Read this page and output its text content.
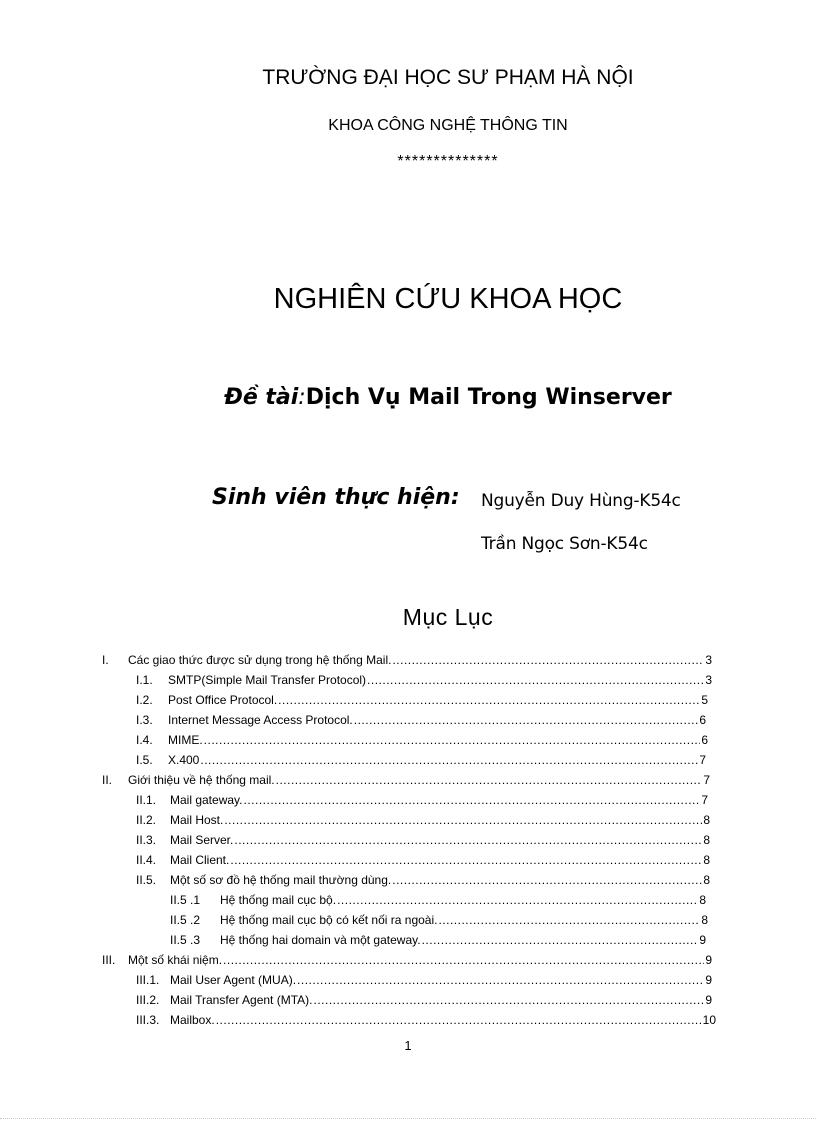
TRƯỜNG ĐẠI HỌC SƯ PHẠM HÀ NỘI
KHOA CÔNG NGHỆ THÔNG TIN
**************
NGHIÊN CỨU KHOA HỌC
Đề tài:Dịch Vụ Mail Trong Winserver
Sinh viên thực hiện: Nguyễn Duy Hùng-K54c
Trần Ngọc Sơn-K54c
Mục Lục
I.	Các giao thức được sử dụng trong hệ thống Mail. .....	3
I.1.	SMTP(Simple Mail Transfer Protocol) .....	3
I.2.	Post Office Protocol. .....	5
I.3.	Internet Message Access Protocol. .....	6
I.4.	MIME. .....	6
I.5.	X.400 .....	7
II.	Giới thiệu về hệ thống mail. .....	7
II.1.	Mail gateway. .....	7
II.2.	Mail Host. .....	8
II.3.	Mail Server. .....	8
II.4.	Mail Client. .....	8
II.5.	Một số sơ đồ hệ thống mail thường dùng. .....	8
II.5 .1	Hệ thống mail cục bộ. .....	8
II.5 .2	Hệ thống mail cục bộ có kết nối ra ngoài. .....	8
II.5 .3	Hệ thống hai domain và một gateway. .....	9
III.	Một số khái niệm. .....	9
III.1. Mail User Agent (MUA). .....	9
III.2. Mail Transfer Agent (MTA). .....	9
III.3. Mailbox. .....	10
1
